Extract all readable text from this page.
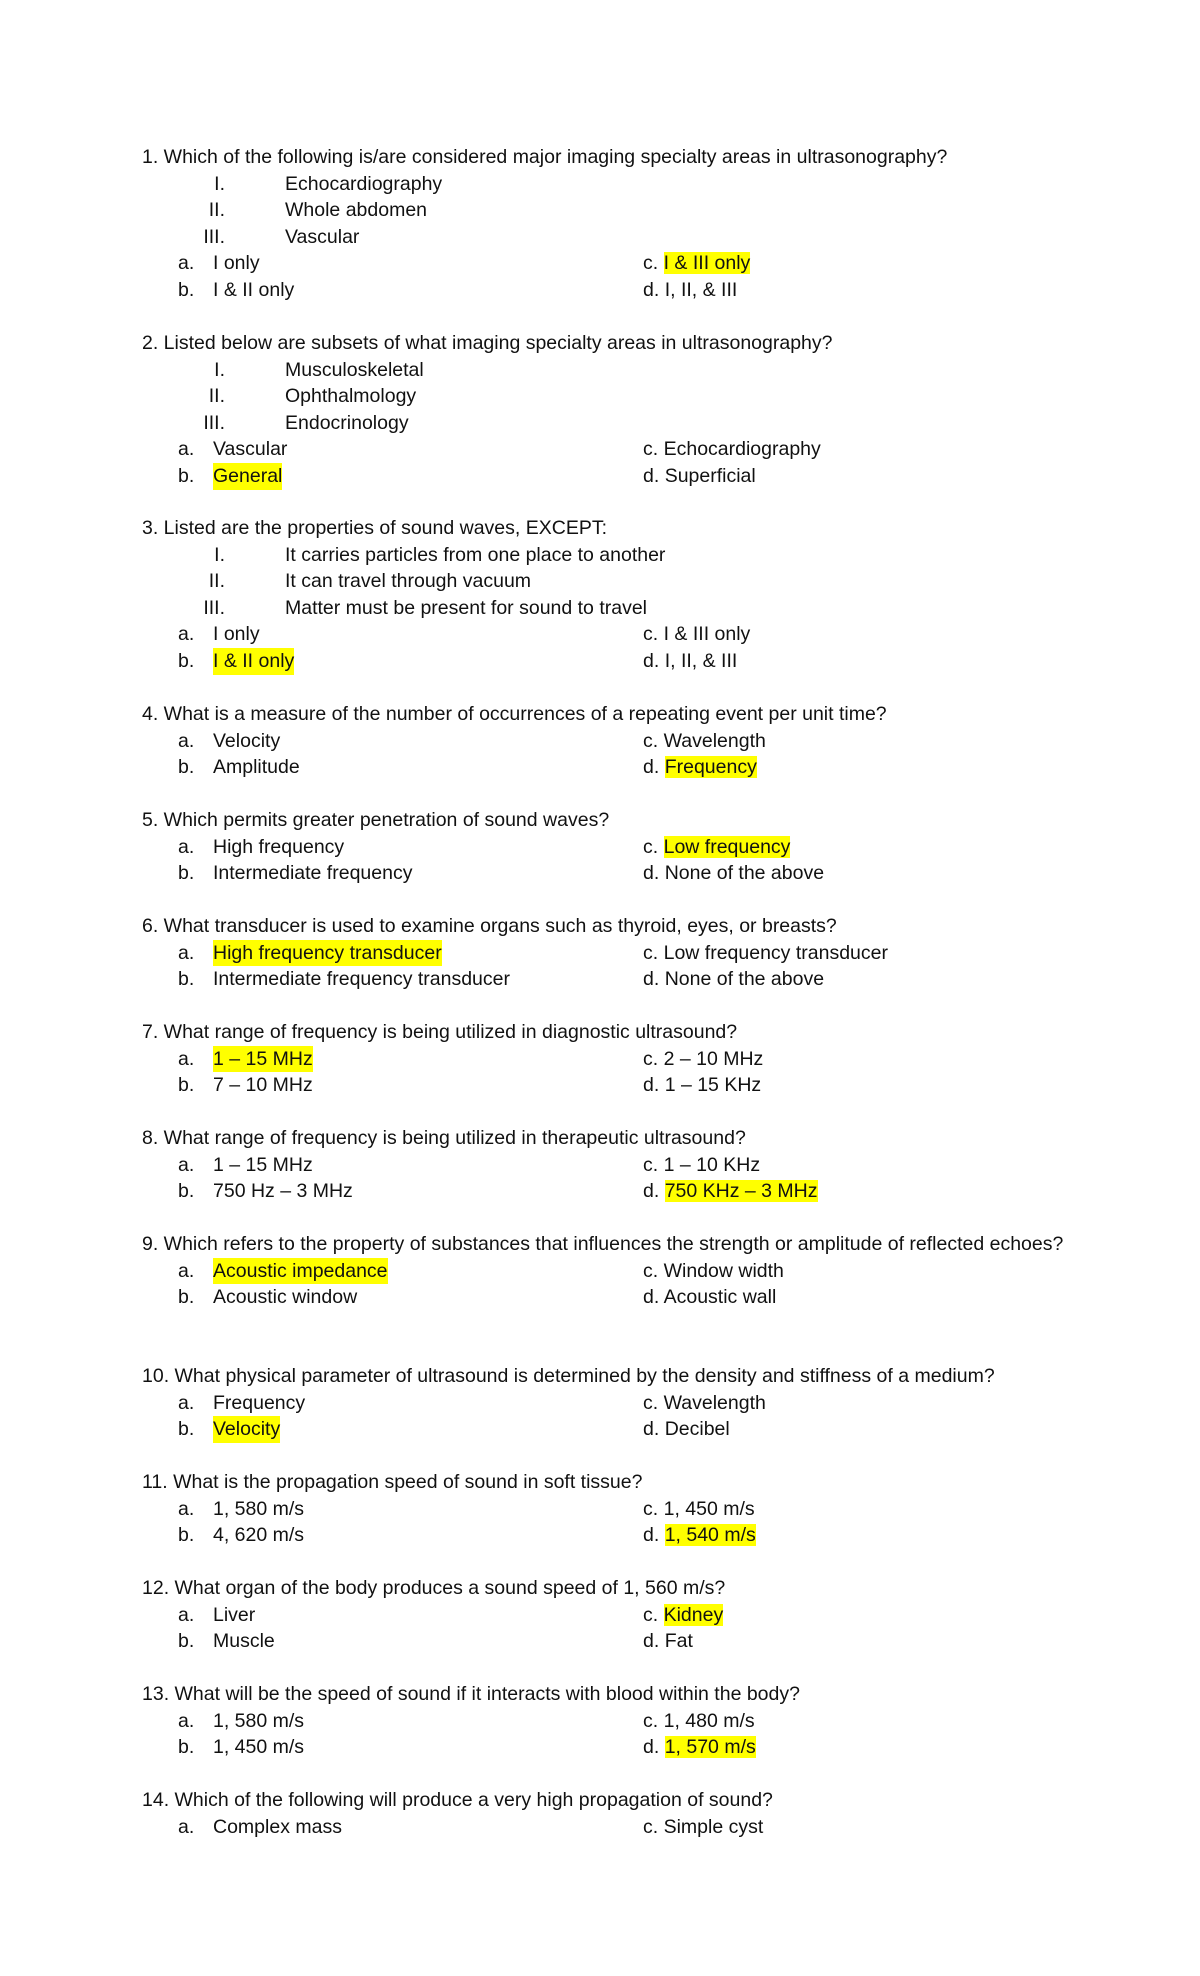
1. Which of the following is/are considered major imaging specialty areas in ultrasonography?
I.	Echocardiography
II.	Whole abdomen
III.	Vascular
a. I only	c. I & III only
b. I & II only	d. I, II, & III
2. Listed below are subsets of what imaging specialty areas in ultrasonography?
I.	Musculoskeletal
II.	Ophthalmology
III.	Endocrinology
a. Vascular	c. Echocardiography
b. General	d. Superficial
3. Listed are the properties of sound waves, EXCEPT:
I.	It carries particles from one place to another
II.	It can travel through vacuum
III.	Matter must be present for sound to travel
a. I only	c. I & III only
b. I & II only	d. I, II, & III
4. What is a measure of the number of occurrences of a repeating event per unit time?
a. Velocity	c. Wavelength
b. Amplitude	d. Frequency
5. Which permits greater penetration of sound waves?
a. High frequency	c. Low frequency
b. Intermediate frequency	d. None of the above
6. What transducer is used to examine organs such as thyroid, eyes, or breasts?
a. High frequency transducer	c. Low frequency transducer
b. Intermediate frequency transducer	d. None of the above
7. What range of frequency is being utilized in diagnostic ultrasound?
a. 1 – 15 MHz	c. 2 – 10 MHz
b. 7 – 10 MHz	d. 1 – 15 KHz
8. What range of frequency is being utilized in therapeutic ultrasound?
a. 1 – 15 MHz	c. 1 – 10 KHz
b. 750 Hz – 3 MHz	d. 750 KHz – 3 MHz
9. Which refers to the property of substances that influences the strength or amplitude of reflected echoes?
a. Acoustic impedance	c. Window width
b. Acoustic window	d. Acoustic wall
10. What physical parameter of ultrasound is determined by the density and stiffness of a medium?
a. Frequency	c. Wavelength
b. Velocity	d. Decibel
11. What is the propagation speed of sound in soft tissue?
a. 1, 580 m/s	c. 1, 450 m/s
b. 4, 620 m/s	d. 1, 540 m/s
12. What organ of the body produces a sound speed of 1, 560 m/s?
a. Liver	c. Kidney
b. Muscle	d. Fat
13. What will be the speed of sound if it interacts with blood within the body?
a. 1, 580 m/s	c. 1, 480 m/s
b. 1, 450 m/s	d. 1, 570 m/s
14. Which of the following will produce a very high propagation of sound?
a. Complex mass	c. Simple cyst
